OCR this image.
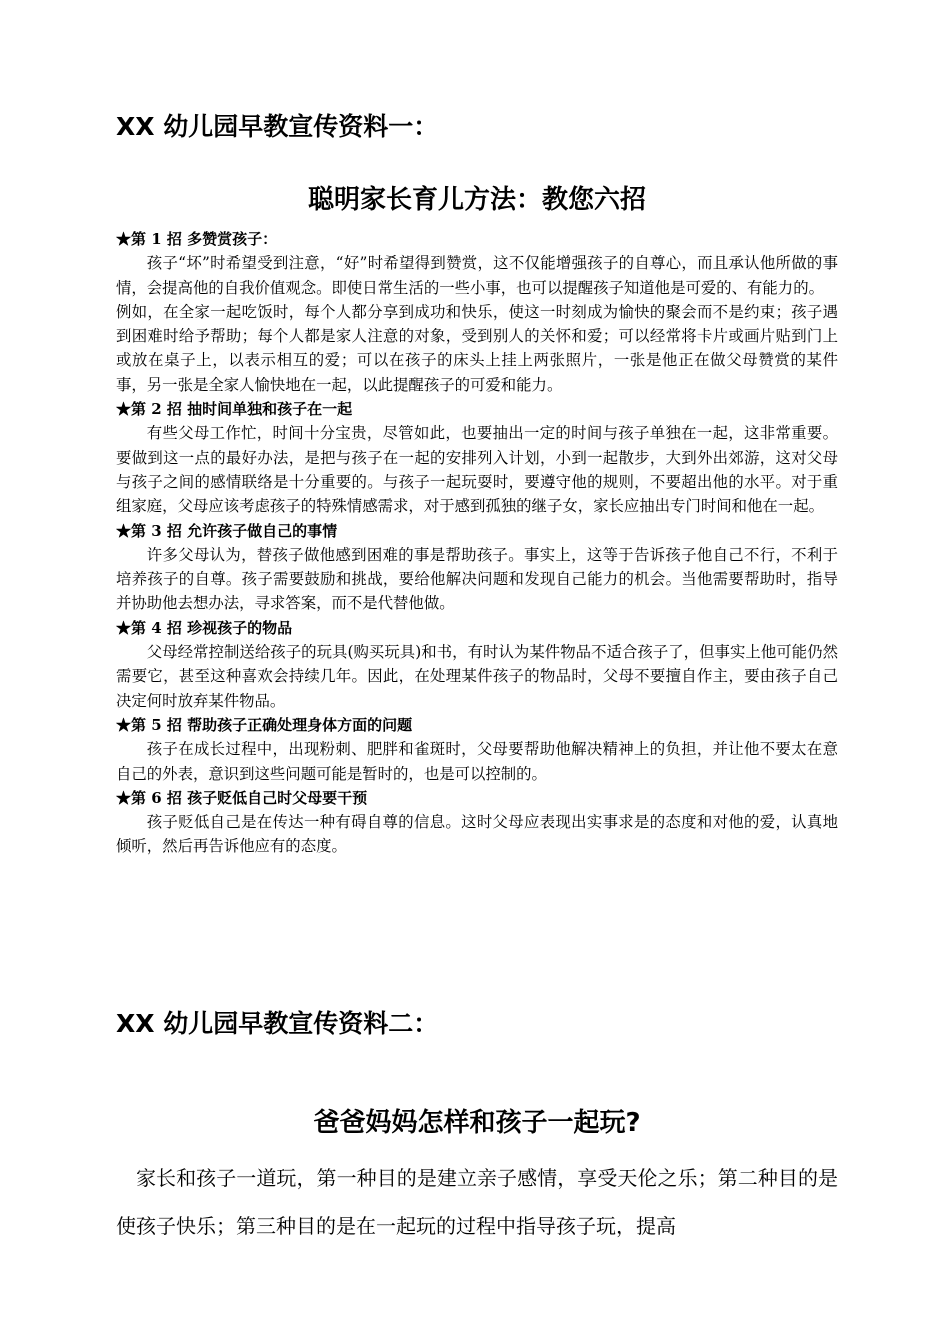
XX 幼儿园早教宣传资料一：
聪明家长育儿方法：教您六招

★第 1 招 多赞赏孩子：

孩子“坏”时希望受到注意，“好”时希望得到赞赏，这不仅能增强孩子的自尊心，而且承认他所做的事情，会提高他的自我价值观念。即使日常生活的一些小事，也可以提醒孩子知道他是可爱的、有能力的。

例如，在全家一起吃饭时，每个人都分享到成功和快乐，使这一时刻成为愉快的聚会而不是约束；孩子遇到困难时给予帮助；每个人都是家人注意的对象，受到别人的关怀和爱；可以经常将卡片或画片贴到门上或放在桌子上，以表示相互的爱；可以在孩子的床头上挂上两张照片，一张是他正在做父母赞赏的某件事，另一张是全家人愉快地在一起，以此提醒孩子的可爱和能力。

★第 2 招 抽时间单独和孩子在一起

有些父母工作忙，时间十分宝贵，尽管如此，也要抽出一定的时间与孩子单独在一起，这非常重要。要做到这一点的最好办法，是把与孩子在一起的安排列入计划，小到一起散步，大到外出郊游，这对父母与孩子之间的感情联络是十分重要的。与孩子一起玩耍时，要遵守他的规则，不要超出他的水平。对于重组家庭，父母应该考虑孩子的特殊情感需求，对于感到孤独的继子女，家长应抽出专门时间和他在一起。

★第 3 招 允许孩子做自己的事情

许多父母认为，替孩子做他感到困难的事是帮助孩子。事实上，这等于告诉孩子他自己不行，不利于培养孩子的自尊。孩子需要鼓励和挑战，要给他解决问题和发现自己能力的机会。当他需要帮助时，指导并协助他去想办法，寻求答案，而不是代替他做。

★第 4 招 珍视孩子的物品

父母经常控制送给孩子的玩具(购买玩具)和书，有时认为某件物品不适合孩子了，但事实上他可能仍然需要它，甚至这种喜欢会持续几年。因此，在处理某件孩子的物品时，父母不要擅自作主，要由孩子自己决定何时放弃某件物品。

★第 5 招 帮助孩子正确处理身体方面的问题

孩子在成长过程中，出现粉刺、肥胖和雀斑时，父母要帮助他解决精神上的负担，并让他不要太在意自己的外表，意识到这些问题可能是暂时的，也是可以控制的。

★第 6 招 孩子贬低自己时父母要干预

孩子贬低自己是在传达一种有碍自尊的信息。这时父母应表现出实事求是的态度和对他的爱，认真地倾听，然后再告诉他应有的态度。

XX 幼儿园早教宣传资料二：
爸爸妈妈怎样和孩子一起玩?

家长和孩子一道玩，第一种目的是建立亲子感情，享受天伦之乐；第二种目的是使孩子快乐；第三种目的是在一起玩的过程中指导孩子玩，提高
